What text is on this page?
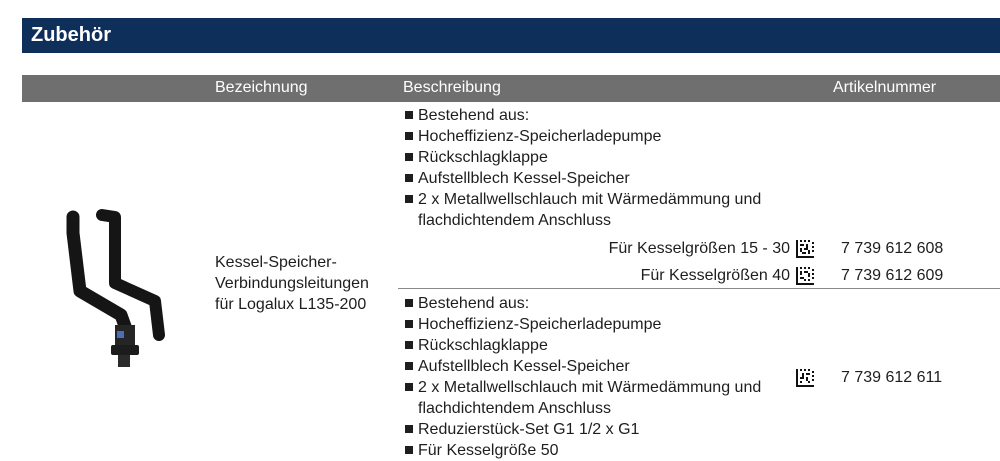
Zubehör
Bezeichnung	Beschreibung	Artikelnummer
Kessel-Speicher-
Verbindungsleitungen
für Logalux L135-200
Bestehend aus:
Hocheffizienz-Speicherladepumpe
Rückschlagklappe
Aufstellblech Kessel-Speicher
2 x Metallwellschlauch mit Wärmedämmung und
flachdichtendem Anschluss
Für Kesselgrößen 15 - 30	7 739 612 608
Für Kesselgrößen 40	7 739 612 609
Bestehend aus:
Hocheffizienz-Speicherladepumpe
Rückschlagklappe
Aufstellblech Kessel-Speicher
2 x Metallwellschlauch mit Wärmedämmung und
flachdichtendem Anschluss
Reduzierstück-Set G1 1/2 x G1
Für Kesselgröße 50
7 739 612 611
